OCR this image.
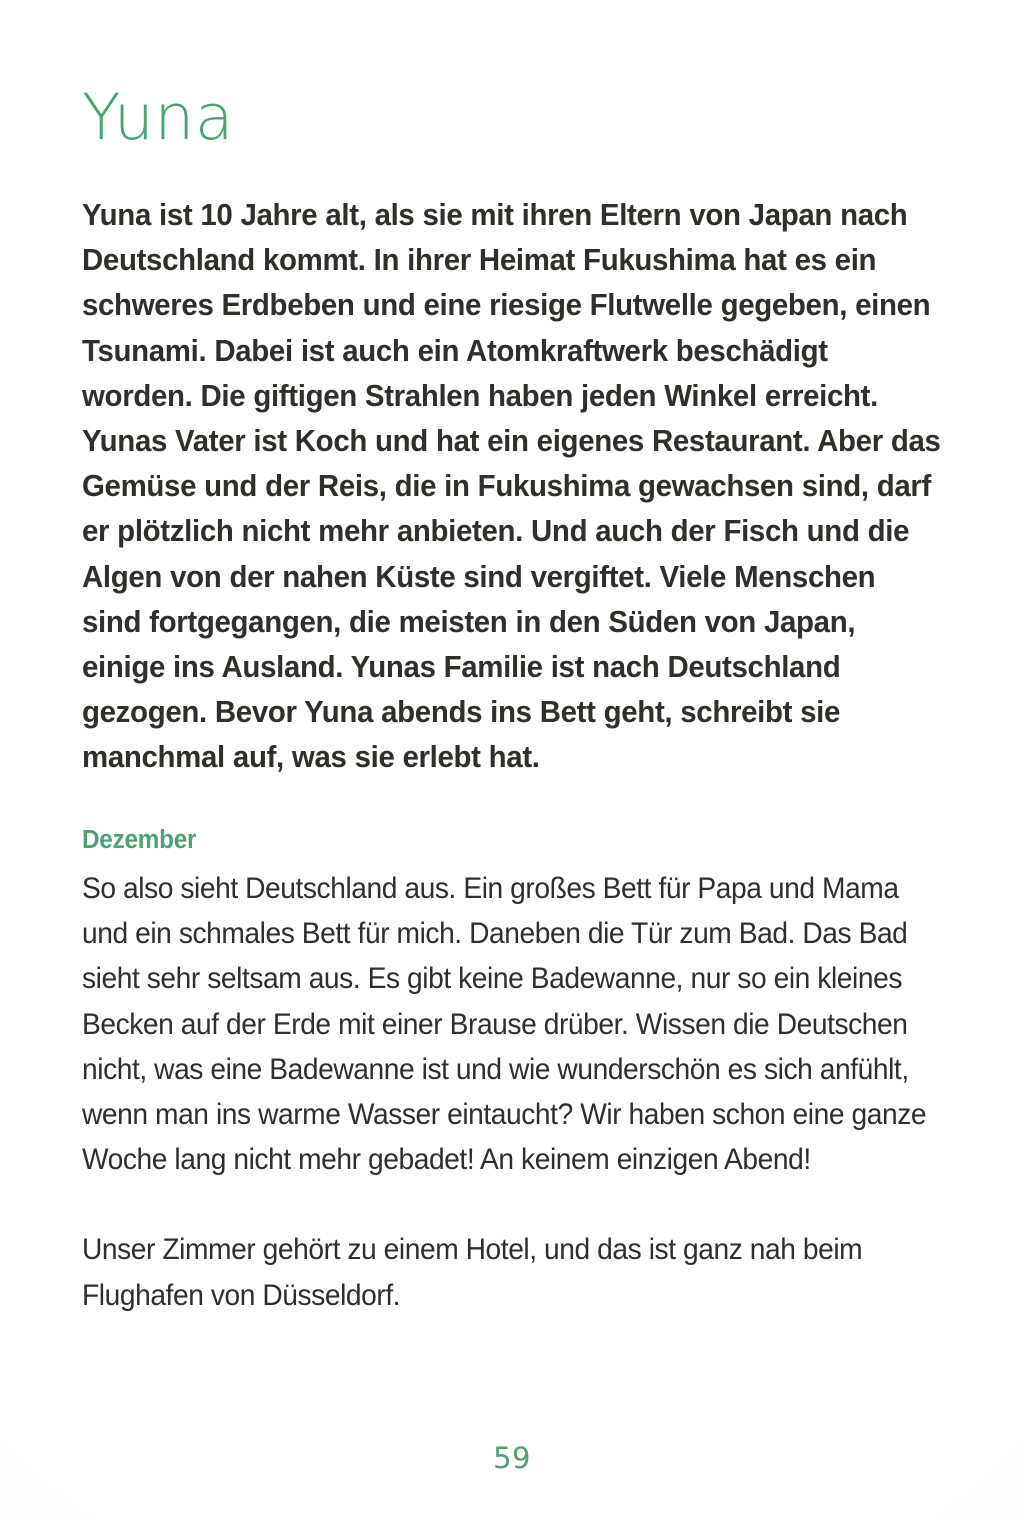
Yuna

Yuna ist 10 Jahre alt, als sie mit ihren Eltern von Japan nach Deutschland kommt. In ihrer Heimat Fukushima hat es ein schweres Erdbeben und eine riesige Flutwelle gegeben, einen Tsunami. Dabei ist auch ein Atomkraftwerk beschädigt worden. Die giftigen Strahlen haben jeden Winkel erreicht. Yunas Vater ist Koch und hat ein eigenes Restaurant. Aber das Gemüse und der Reis, die in Fukushima gewachsen sind, darf er plötzlich nicht mehr anbieten. Und auch der Fisch und die Algen von der nahen Küste sind vergiftet. Viele Menschen sind fortgegangen, die meisten in den Süden von Japan, einige ins Ausland. Yunas Familie ist nach Deutschland gezogen. Bevor Yuna abends ins Bett geht, schreibt sie manchmal auf, was sie erlebt hat.

Dezember

So also sieht Deutschland aus. Ein großes Bett für Papa und Mama und ein schmales Bett für mich. Daneben die Tür zum Bad. Das Bad sieht sehr seltsam aus. Es gibt keine Badewanne, nur so ein kleines Becken auf der Erde mit einer Brause drüber. Wissen die Deutschen nicht, was eine Badewanne ist und wie wunderschön es sich anfühlt, wenn man ins warme Wasser eintaucht? Wir haben schon eine ganze Woche lang nicht mehr gebadet! An keinem einzigen Abend!

Unser Zimmer gehört zu einem Hotel, und das ist ganz nah beim Flughafen von Düsseldorf.

59
